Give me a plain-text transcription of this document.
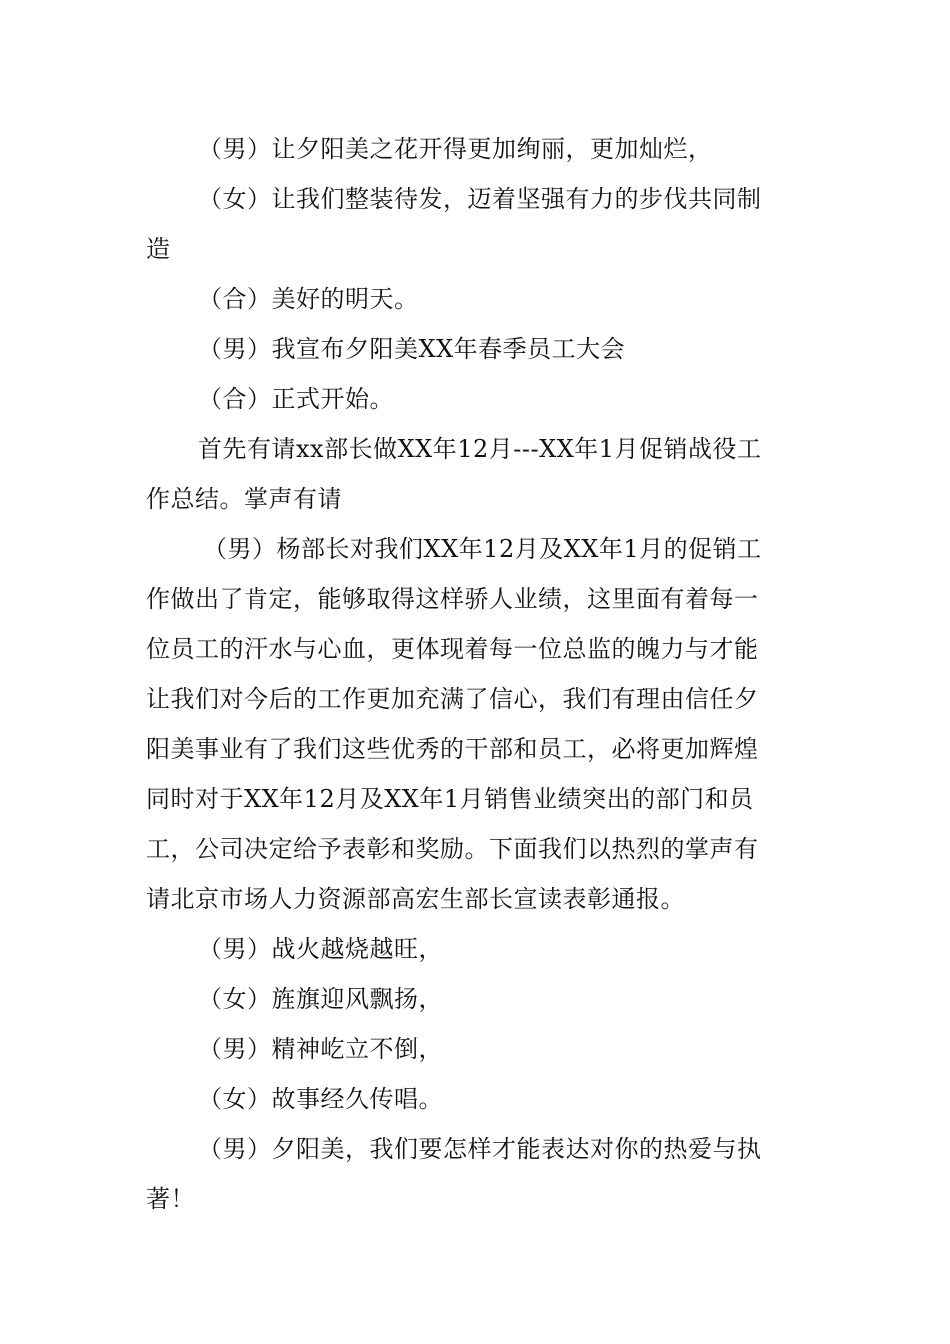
（男）让夕阳美之花开得更加绚丽，更加灿烂，
（女）让我们整装待发，迈着坚强有力的步伐共同制
造
（合）美好的明天。
（男）我宣布夕阳美XX年春季员工大会
（合）正式开始。
首先有请xx部长做XX年12月---XX年1月促销战役工
作总结。掌声有请
（男）杨部长对我们XX年12月及XX年1月的促销工
作做出了肯定，能够取得这样骄人业绩，这里面有着每一
位员工的汗水与心血，更体现着每一位总监的魄力与才能
让我们对今后的工作更加充满了信心，我们有理由信任夕
阳美事业有了我们这些优秀的干部和员工，必将更加辉煌
同时对于XX年12月及XX年1月销售业绩突出的部门和员
工，公司决定给予表彰和奖励。下面我们以热烈的掌声有
请北京市场人力资源部高宏生部长宣读表彰通报。
（男）战火越烧越旺，
（女）旌旗迎风飘扬，
（男）精神屹立不倒，
（女）故事经久传唱。
（男）夕阳美，我们要怎样才能表达对你的热爱与执
著！
